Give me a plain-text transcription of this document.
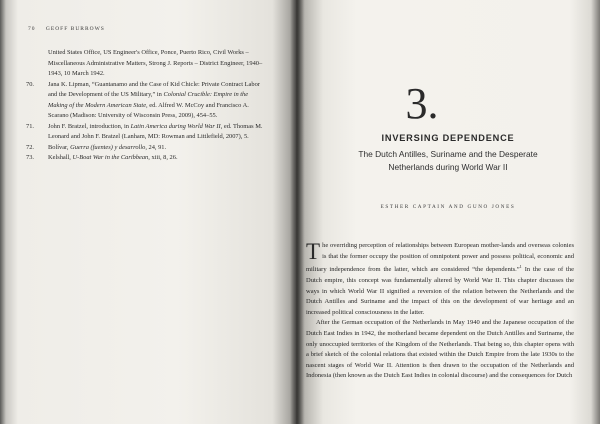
70 GEOFF BURROWS
United States Office, US Engineer's Office, Ponce, Puerto Rico, Civil Works – Miscellaneous Administrative Matters, Strong J. Reports – District Engineer, 1940–1943, 10 March 1942.
70. Jana K. Lipman, “Guantanamo and the Case of Kid Chicle: Private Contract Labor and the Development of the US Military,” in Colonial Crucible: Empire in the Making of the Modern American State, ed. Alfred W. McCoy and Francisco A. Scarano (Madison: University of Wisconsin Press, 2009), 454–55.
71. John F. Bratzel, introduction, in Latin America during World War II, ed. Thomas M. Leonard and John F. Bratzel (Lanham, MD: Rowman and Littlefield, 2007), 5.
72. Bolívar, Guerra (fuentes) y desarrollo, 24, 91.
73. Kelshall, U-Boat War in the Caribbean, xiii, 8, 26.
3.
INVERSING DEPENDENCE
The Dutch Antilles, Suriname and the Desperate
Netherlands during World War II
ESTHER CAPTAIN AND GUNO JONES

The overriding perception of relationships between European mother-lands and overseas colonies is that the former occupy the position of omnipotent power and possess political, economic and military independence from the latter, which are considered “the dependents.”$^1$ In the case of the Dutch empire, this concept was fundamentally altered by World War II. This chapter discusses the ways in which World War II signified a reversion of the relation between the Netherlands and the Dutch Antilles and Suriname and the impact of this on the development of war heritage and an increased political consciousness in the latter.

After the German occupation of the Netherlands in May 1940 and the Japanese occupation of the Dutch East Indies in 1942, the motherland became dependent on the Dutch Antilles and Suriname, the only unoccupied territories of the Kingdom of the Netherlands. That being so, this chapter opens with a brief sketch of the colonial relations that existed within the Dutch Empire from the late 1930s to the nascent stages of World War II. Attention is then drawn to the occupation of the Netherlands and Indonesia (then known as the Dutch East Indies in colonial discourse) and the consequences for Dutch
